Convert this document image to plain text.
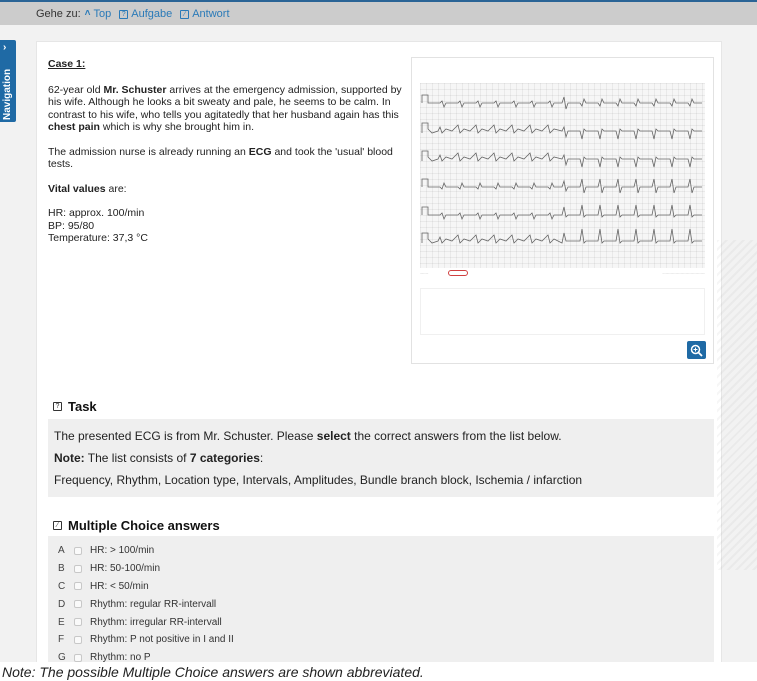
Gehe zu: ˄ Top	? Aufgabe	∕ Antwort
›
Navigation
Case 1:

62-year old Mr. Schuster arrives at the emergency admission, supported by his wife. Although he looks a bit sweaty and pale, he seems to be calm. In contrast to his wife, who tells you agitatedly that her husband again has this chest pain which is why she brought him in.

The admission nurse is already running an ECG and took the 'usual' blood tests.

Vital values are:

HR: approx. 100/min
BP: 95/80
Temperature: 37,3 °C
..........	...................................................
? Task
The presented ECG is from Mr. Schuster. Please select the correct answers from the list below.
Note: The list consists of 7 categories:
Frequency, Rhythm, Location type, Intervals, Amplitudes, Bundle branch block, Ischemia / infarction
∕ Multiple Choice answers
A	HR: > 100/min
B	HR: 50-100/min
C	HR: < 50/min
D	Rhythm: regular RR-intervall
E	Rhythm: irregular RR-intervall
F	Rhythm: P not positive in I and II
G	Rhythm: no P
Note: The possible Multiple Choice answers are shown abbreviated.
